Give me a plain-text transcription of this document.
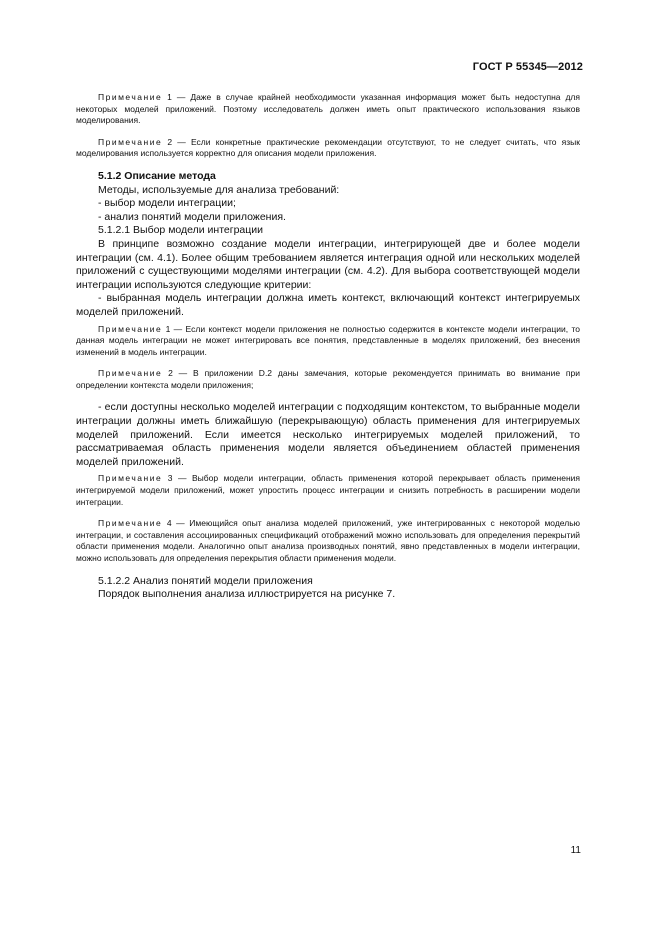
ГОСТ Р 55345—2012

Примечание 1 — Даже в случае крайней необходимости указанная информация может быть недоступна для некоторых моделей приложений. Поэтому исследователь должен иметь опыт практического использования языков моделирования.

Примечание 2 — Если конкретные практические рекомендации отсутствуют, то не следует считать, что язык моделирования используется корректно для описания модели приложения.

5.1.2 Описание метода

Методы, используемые для анализа требований:

- выбор модели интеграции;

- анализ понятий модели приложения.

5.1.2.1 Выбор модели интеграции

В принципе возможно создание модели интеграции, интегрирующей две и более модели интеграции (см. 4.1). Более общим требованием является интеграция одной или нескольких моделей приложений с существующими моделями интеграции (см. 4.2). Для выбора соответствующей модели интеграции используются следующие критерии:

- выбранная модель интеграции должна иметь контекст, включающий контекст интегрируемых моделей приложений.

Примечание 1 — Если контекст модели приложения не полностью содержится в контексте модели интеграции, то данная модель интеграции не может интегрировать все понятия, представленные в моделях приложений, без внесения изменений в модель интеграции.

Примечание 2 — В приложении D.2 даны замечания, которые рекомендуется принимать во внимание при определении контекста модели приложения;

- если доступны несколько моделей интеграции с подходящим контекстом, то выбранные модели интеграции должны иметь ближайшую (перекрывающую) область применения для интегрируемых моделей приложений. Если имеется несколько интегрируемых моделей приложений, то рассматриваемая область применения модели является объединением областей применения моделей приложений.

Примечание 3 — Выбор модели интеграции, область применения которой перекрывает область применения интегрируемой модели приложений, может упростить процесс интеграции и снизить потребность в расширении модели интеграции.

Примечание 4 — Имеющийся опыт анализа моделей приложений, уже интегрированных с некоторой моделью интеграции, и составления ассоциированных спецификаций отображений можно использовать для определения перекрытий области применения модели. Аналогично опыт анализа производных понятий, явно представленных в модели интеграции, можно использовать для определения перекрытия области применения модели.

5.1.2.2 Анализ понятий модели приложения

Порядок выполнения анализа иллюстрируется на рисунке 7.

11
